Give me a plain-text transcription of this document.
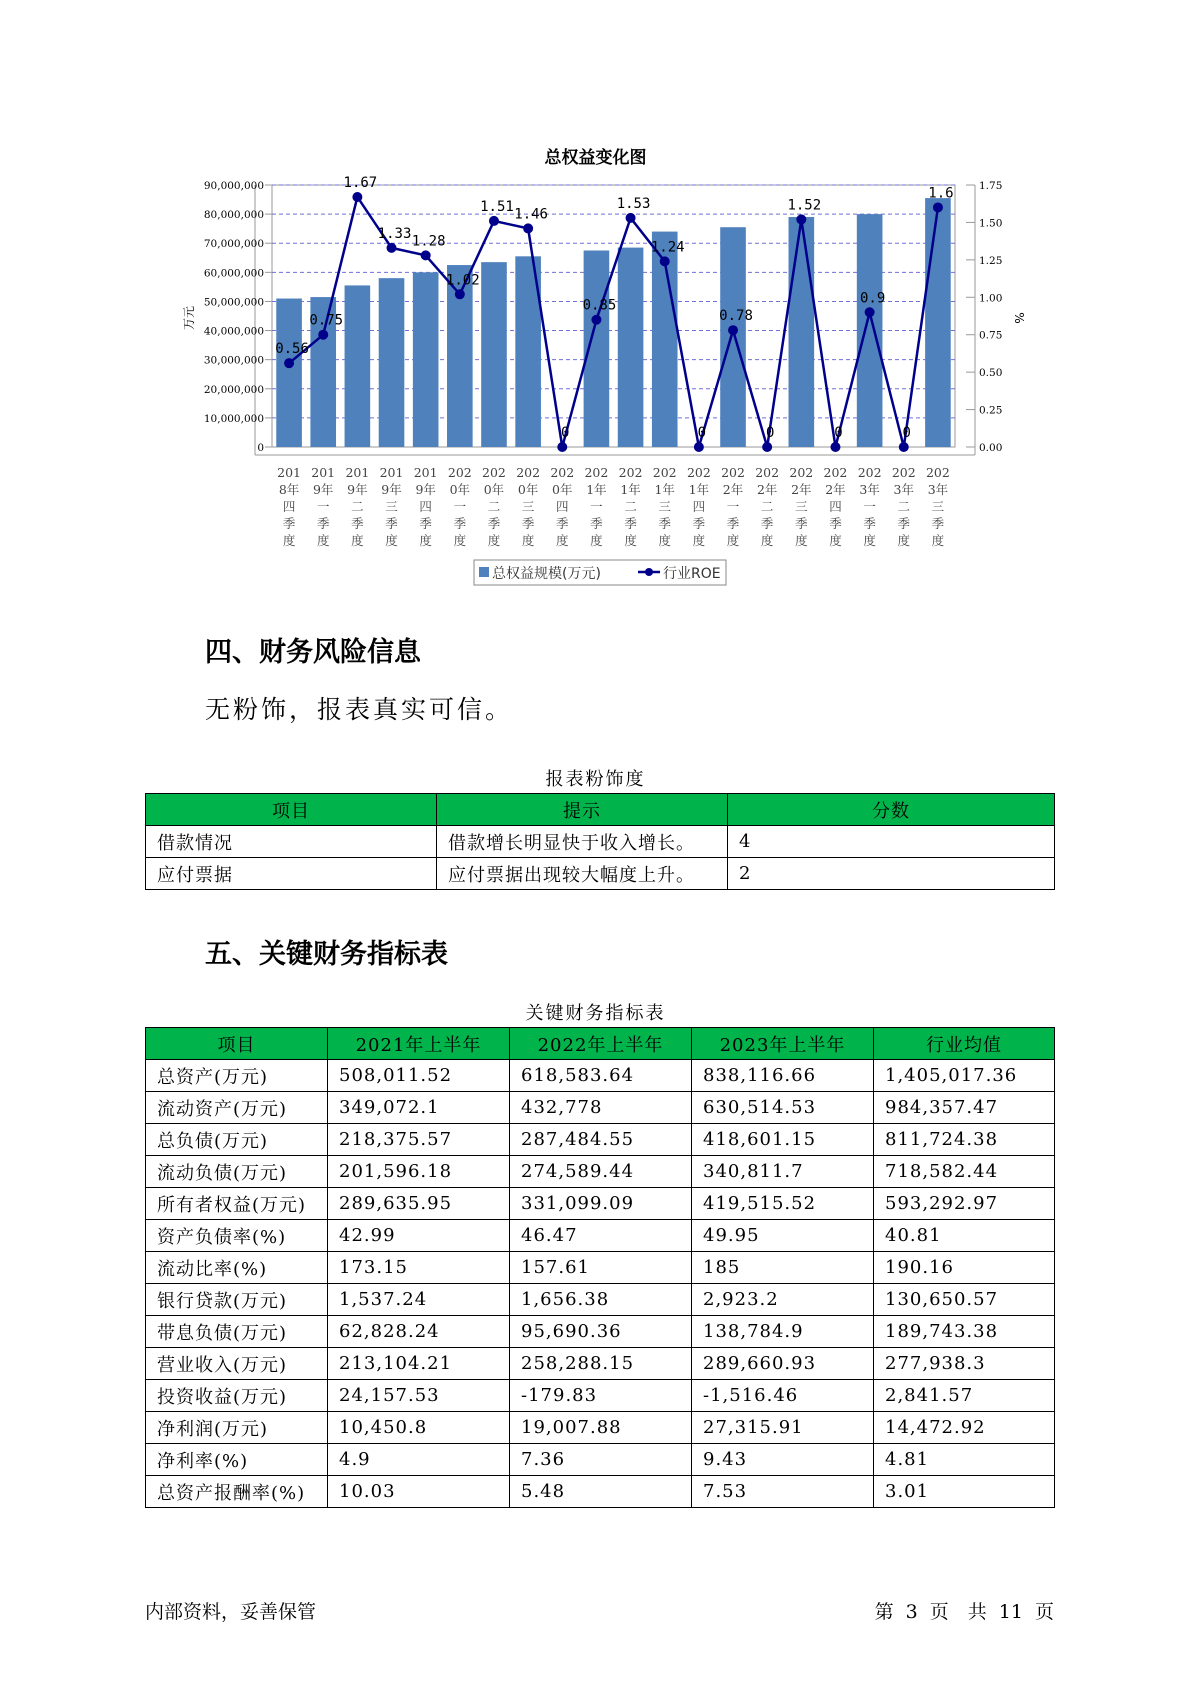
总权益变化图
0
10,000,000
20,000,000
30,000,000
40,000,000
50,000,000
60,000,000
70,000,000
80,000,000
90,000,000
0.00
0.25
0.50
0.75
1.00
1.25
1.50
1.75
万元	%
0.56
0.75
1.67
1.33 1.28
1.02
1.51 1.46
0
0.85
1.53
1.24
0
0.78
0
1.52
0
0.9
0
1.6
201
8年
四
季
度
201
9年
一
季
度
201
9年
二
季
度
201
9年
三
季
度
201
9年
四
季
度
202
0年
一
季
度
202
0年
二
季
度
202
0年
三
季
度
202
0年
四
季
度
202
1年
一
季
度
202
1年
二
季
度
202
1年
三
季
度
202
1年
四
季
度
202
2年
一
季
度
202
2年
二
季
度
202
2年
三
季
度
202
2年
四
季
度
202
3年
一
季
度
202
3年
二
季
度
202
3年
三
季
度
总权益规模(万元)	行业ROE
四、财务风险信息
无粉饰，报表真实可信。
报表粉饰度
项目	提示	分数
借款情况	借款增长明显快于收入增长。	4
应付票据	应付票据出现较大幅度上升。	2
五、关键财务指标表
关键财务指标表
项目	2021年上半年	2022年上半年	2023年上半年	行业均值
总资产(万元)	508,011.52	618,583.64	838,116.66	1,405,017.36
流动资产(万元)	349,072.1	432,778	630,514.53	984,357.47
总负债(万元)	218,375.57	287,484.55	418,601.15	811,724.38
流动负债(万元)	201,596.18	274,589.44	340,811.7	718,582.44
所有者权益(万元)	289,635.95	331,099.09	419,515.52	593,292.97
资产负债率(%)	42.99	46.47	49.95	40.81
流动比率(%)	173.15	157.61	185	190.16
银行贷款(万元)	1,537.24	1,656.38	2,923.2	130,650.57
带息负债(万元)	62,828.24	95,690.36	138,784.9	189,743.38
营业收入(万元)	213,104.21	258,288.15	289,660.93	277,938.3
投资收益(万元)	24,157.53	-179.83	-1,516.46	2,841.57
净利润(万元)	10,450.8	19,007.88	27,315.91	14,472.92
净利率(%)	4.9	7.36	9.43	4.81
总资产报酬率(%)	10.03	5.48	7.53	3.01
内部资料，妥善保管	第 3 页　共 11 页
